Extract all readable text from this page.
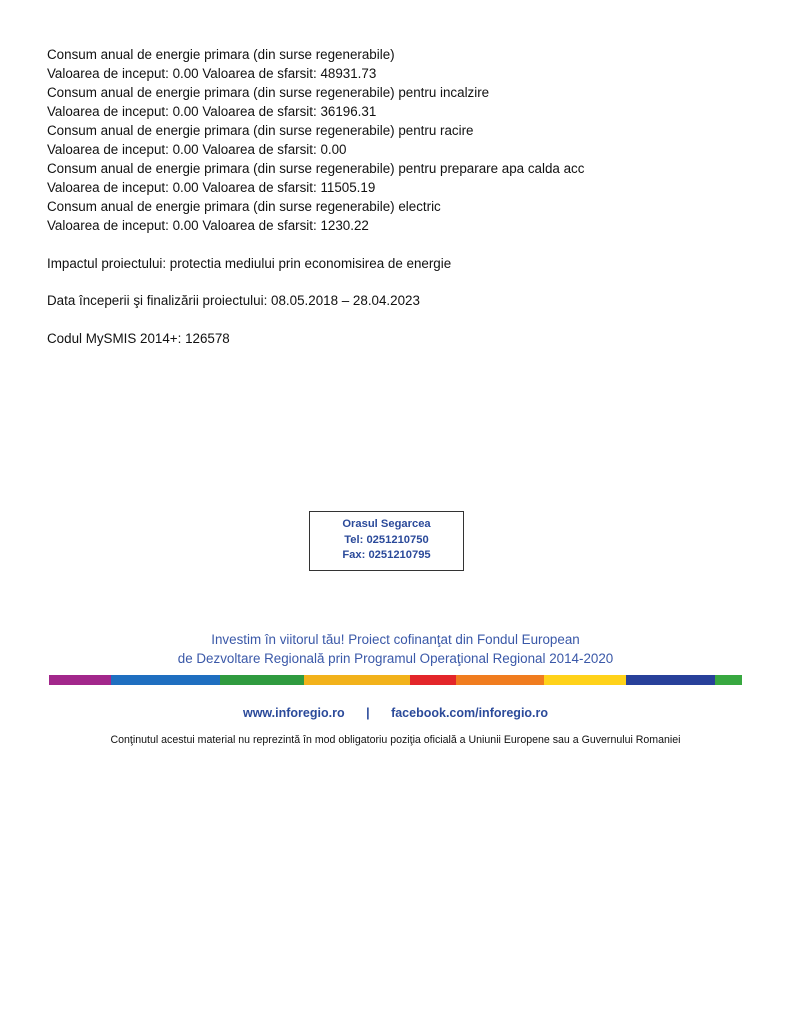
Consum anual de energie primara (din surse regenerabile)
Valoarea de inceput: 0.00 Valoarea de sfarsit: 48931.73
Consum anual de energie primara (din surse regenerabile) pentru incalzire
Valoarea de inceput: 0.00 Valoarea de sfarsit: 36196.31
Consum anual de energie primara (din surse regenerabile) pentru racire
Valoarea de inceput: 0.00 Valoarea de sfarsit: 0.00
Consum anual de energie primara (din surse regenerabile) pentru preparare apa calda acc
Valoarea de inceput: 0.00 Valoarea de sfarsit: 11505.19
Consum anual de energie primara (din surse regenerabile) electric
Valoarea de inceput: 0.00 Valoarea de sfarsit: 1230.22
Impactul proiectului: protectia mediului prin economisirea de energie
Data începerii şi finalizării proiectului: 08.05.2018 – 28.04.2023
Codul MySMIS 2014+: 126578
Orasul Segarcea
Tel: 0251210750
Fax: 0251210795
Investim în viitorul tău! Proiect cofinanţat din Fondul European
de Dezvoltare Regională prin Programul Operaţional Regional 2014-2020
www.inforegio.ro | facebook.com/inforegio.ro
Conţinutul acestui material nu reprezintă în mod obligatoriu poziţia oficială a Uniunii Europene sau a Guvernului Romaniei
